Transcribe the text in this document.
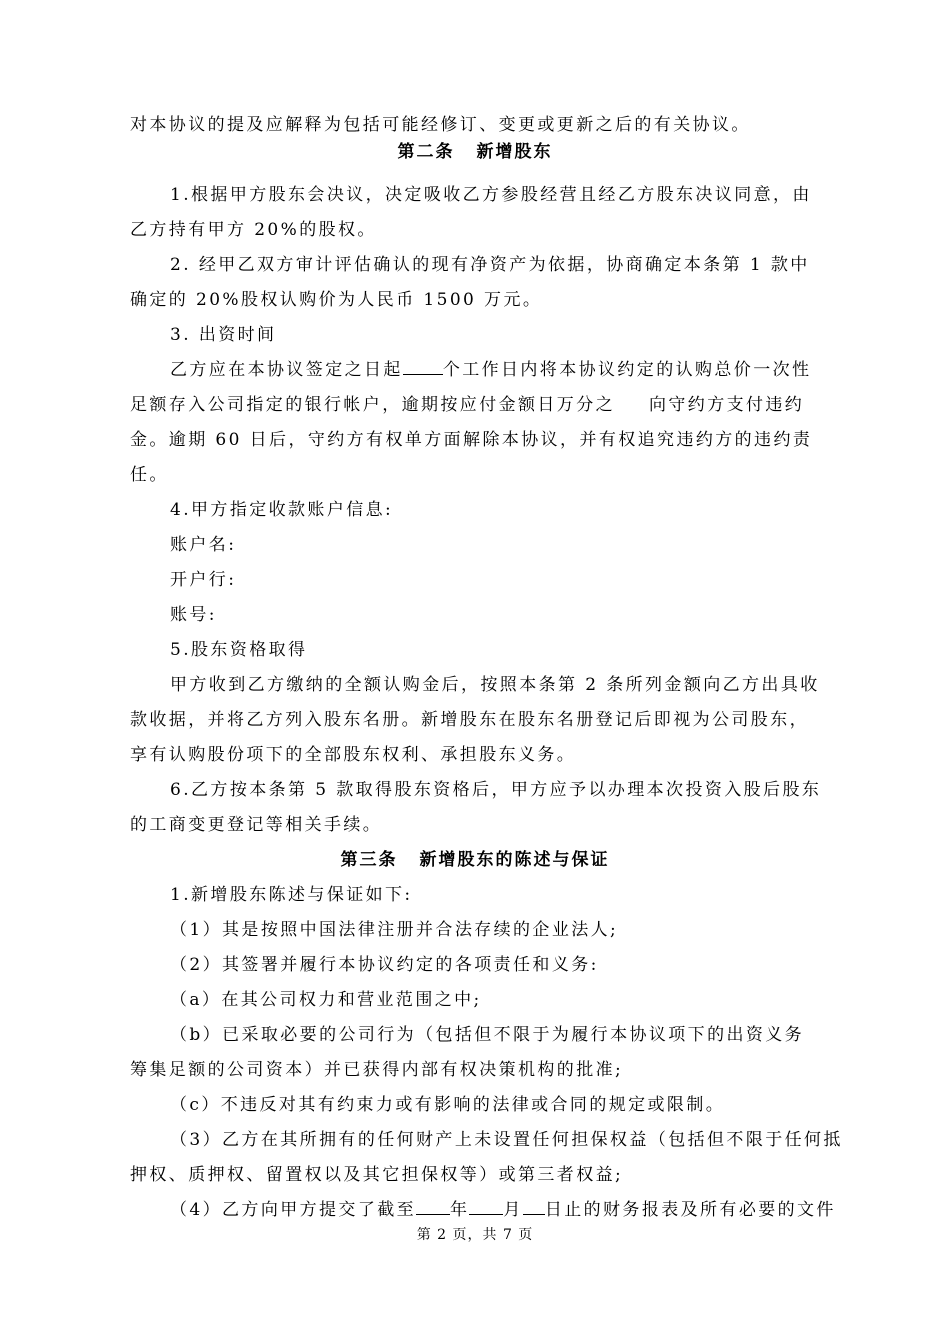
对本协议的提及应解释为包括可能经修订、变更或更新之后的有关协议。
第二条 新增股东
1.根据甲方股东会决议，决定吸收乙方参股经营且经乙方股东决议同意，由
乙方持有甲方 20%的股权。
2. 经甲乙双方审计评估确认的现有净资产为依据，协商确定本条第 1 款中
确定的 20%股权认购价为人民币 1500 万元。
3. 出资时间
乙方应在本协议签定之日起 个工作日内将本协议约定的认购总价一次性
足额存入公司指定的银行帐户，逾期按应付金额日万分之 向守约方支付违约
金。逾期 60 日后，守约方有权单方面解除本协议，并有权追究违约方的违约责
任。
4.甲方指定收款账户信息:
账户名:
开户行:
账号:
5.股东资格取得
甲方收到乙方缴纳的全额认购金后，按照本条第 2 条所列金额向乙方出具收
款收据，并将乙方列入股东名册。新增股东在股东名册登记后即视为公司股东，
享有认购股份项下的全部股东权利、承担股东义务。
6.乙方按本条第 5 款取得股东资格后，甲方应予以办理本次投资入股后股东
的工商变更登记等相关手续。
第三条 新增股东的陈述与保证
1.新增股东陈述与保证如下:
（1）其是按照中国法律注册并合法存续的企业法人;
（2）其签署并履行本协议约定的各项责任和义务:
（a）在其公司权力和营业范围之中;
（b）已采取必要的公司行为（包括但不限于为履行本协议项下的出资义务
筹集足额的公司资本）并已获得内部有权决策机构的批准;
（c）不违反对其有约束力或有影响的法律或合同的规定或限制。
（3）乙方在其所拥有的任何财产上未设置任何担保权益（包括但不限于任何抵
押权、质押权、留置权以及其它担保权等）或第三者权益;
（4）乙方向甲方提交了截至 年 月 日止的财务报表及所有必要的文件
第 2 页，共 7 页
